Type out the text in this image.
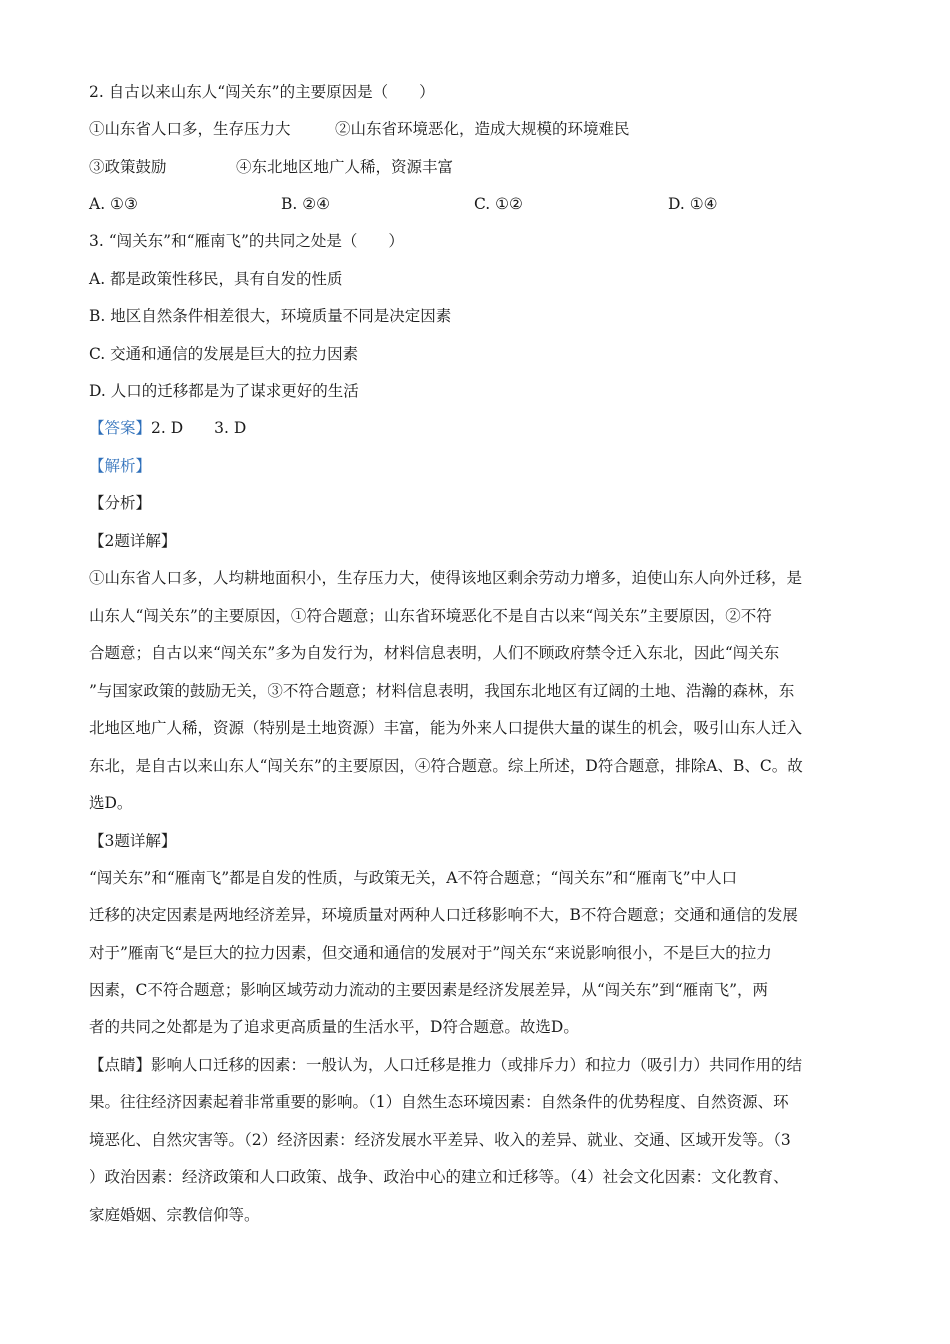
2. 自古以来山东人“闯关东”的主要原因是（　　）
①山东省人口多，生存压力大	②山东省环境恶化，造成大规模的环境难民
③政策鼓励	④东北地区地广人稀，资源丰富
A. ①③	B. ②④	C. ①②	D. ①④
3. “闯关东”和“雁南飞”的共同之处是（　　）
A. 都是政策性移民，具有自发的性质
B. 地区自然条件相差很大，环境质量不同是决定因素
C. 交通和通信的发展是巨大的拉力因素
D. 人口的迁移都是为了谋求更好的生活
【答案】2. D　　3. D
【解析】
【分析】
【2题详解】
①山东省人口多，人均耕地面积小，生存压力大，使得该地区剩余劳动力增多，迫使山东人向外迁移，是
山东人“闯关东”的主要原因，①符合题意；山东省环境恶化不是自古以来“闯关东”主要原因，②不符
合题意；自古以来“闯关东”多为自发行为，材料信息表明，人们不顾政府禁令迁入东北，因此“闯关东
”与国家政策的鼓励无关，③不符合题意；材料信息表明，我国东北地区有辽阔的土地、浩瀚的森林，东
北地区地广人稀，资源（特别是土地资源）丰富，能为外来人口提供大量的谋生的机会，吸引山东人迁入
东北，是自古以来山东人“闯关东”的主要原因，④符合题意。综上所述，D符合题意，排除A、B、C。故
选D。
【3题详解】
“闯关东”和“雁南飞”都是自发的性质，与政策无关，A不符合题意；“闯关东”和“雁南飞”中人口
迁移的决定因素是两地经济差异，环境质量对两种人口迁移影响不大，B不符合题意；交通和通信的发展
对于”雁南飞“是巨大的拉力因素，但交通和通信的发展对于”闯关东“来说影响很小，不是巨大的拉力
因素，C不符合题意；影响区域劳动力流动的主要因素是经济发展差异，从“闯关东”到“雁南飞”，两
者的共同之处都是为了追求更高质量的生活水平，D符合题意。故选D。
【点睛】影响人口迁移的因素：一般认为，人口迁移是推力（或排斥力）和拉力（吸引力）共同作用的结
果。往往经济因素起着非常重要的影响。（1）自然生态环境因素：自然条件的优势程度、自然资源、环
境恶化、自然灾害等。（2）经济因素：经济发展水平差异、收入的差异、就业、交通、区域开发等。（3
）政治因素：经济政策和人口政策、战争、政治中心的建立和迁移等。（4）社会文化因素：文化教育、
家庭婚姻、宗教信仰等。
